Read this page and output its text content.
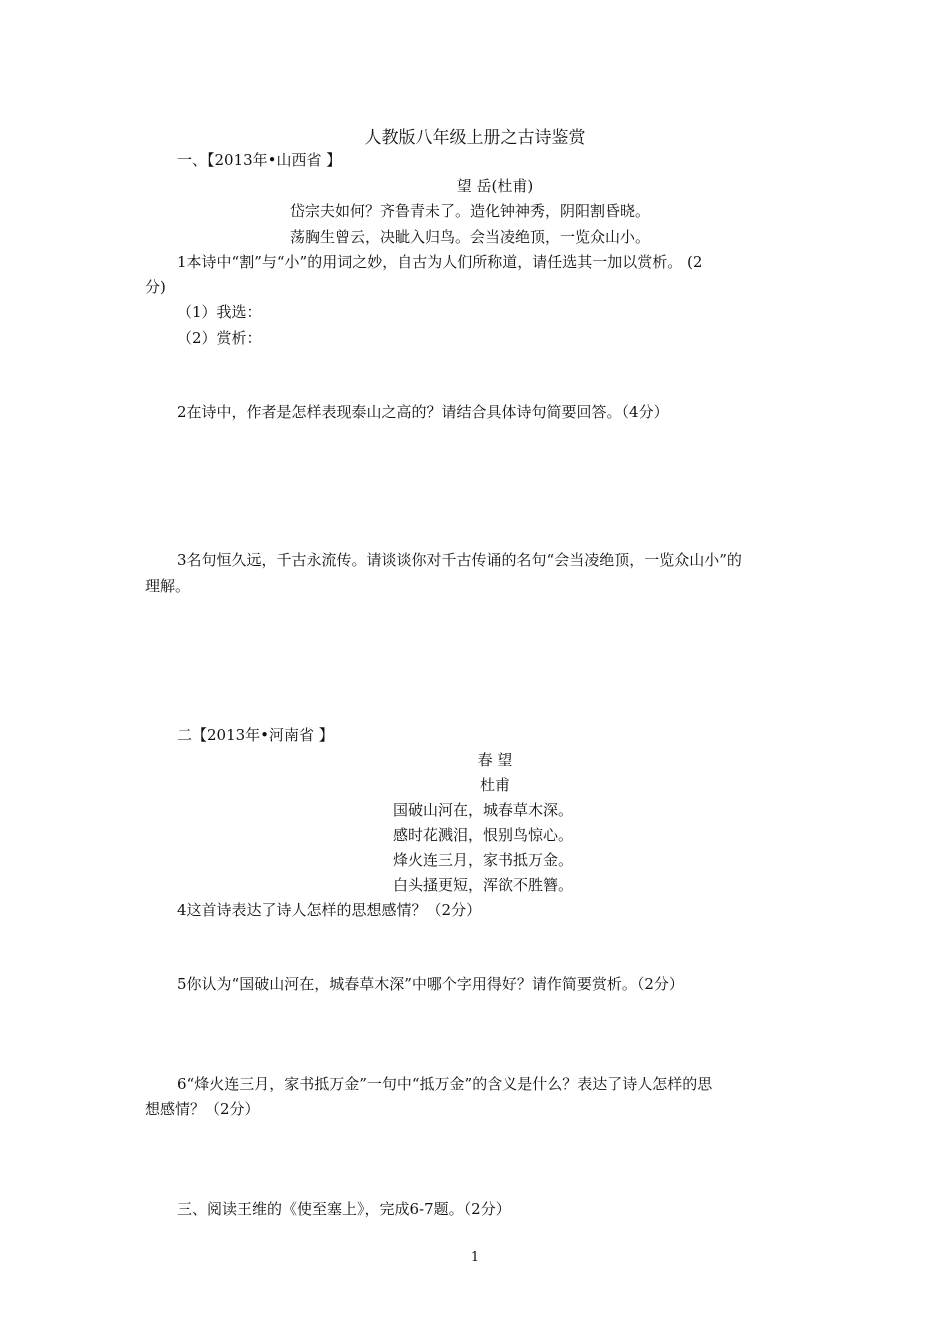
人教版八年级上册之古诗鉴赏
一、【2013年•山西省 】
望 岳(杜甫)
岱宗夫如何？齐鲁青未了。造化钟神秀，阴阳割昏晓。
荡胸生曾云，决眦入归鸟。会当凌绝顶，一览众山小。
1本诗中“割”与“小”的用词之妙，自古为人们所称道，请任选其一加以赏析。 (2
分)
（1）我选：
（2）赏析：
2在诗中，作者是怎样表现泰山之高的？请结合具体诗句简要回答。（4分）
3名句恒久远，千古永流传。请谈谈你对千古传诵的名句“会当凌绝顶，一览众山小”的
理解。
二【2013年•河南省 】
春 望
杜甫
国破山河在，城春草木深。
感时花溅泪，恨别鸟惊心。
烽火连三月，家书抵万金。
白头搔更短，浑欲不胜簪。
4这首诗表达了诗人怎样的思想感情？（2分）
5你认为“国破山河在，城春草木深”中哪个字用得好？请作简要赏析。（2分）
6“烽火连三月，家书抵万金”一句中“抵万金”的含义是什么？表达了诗人怎样的思
想感情？（2分）
三、阅读王维的《使至塞上》，完成6-7题。（2分）
1
